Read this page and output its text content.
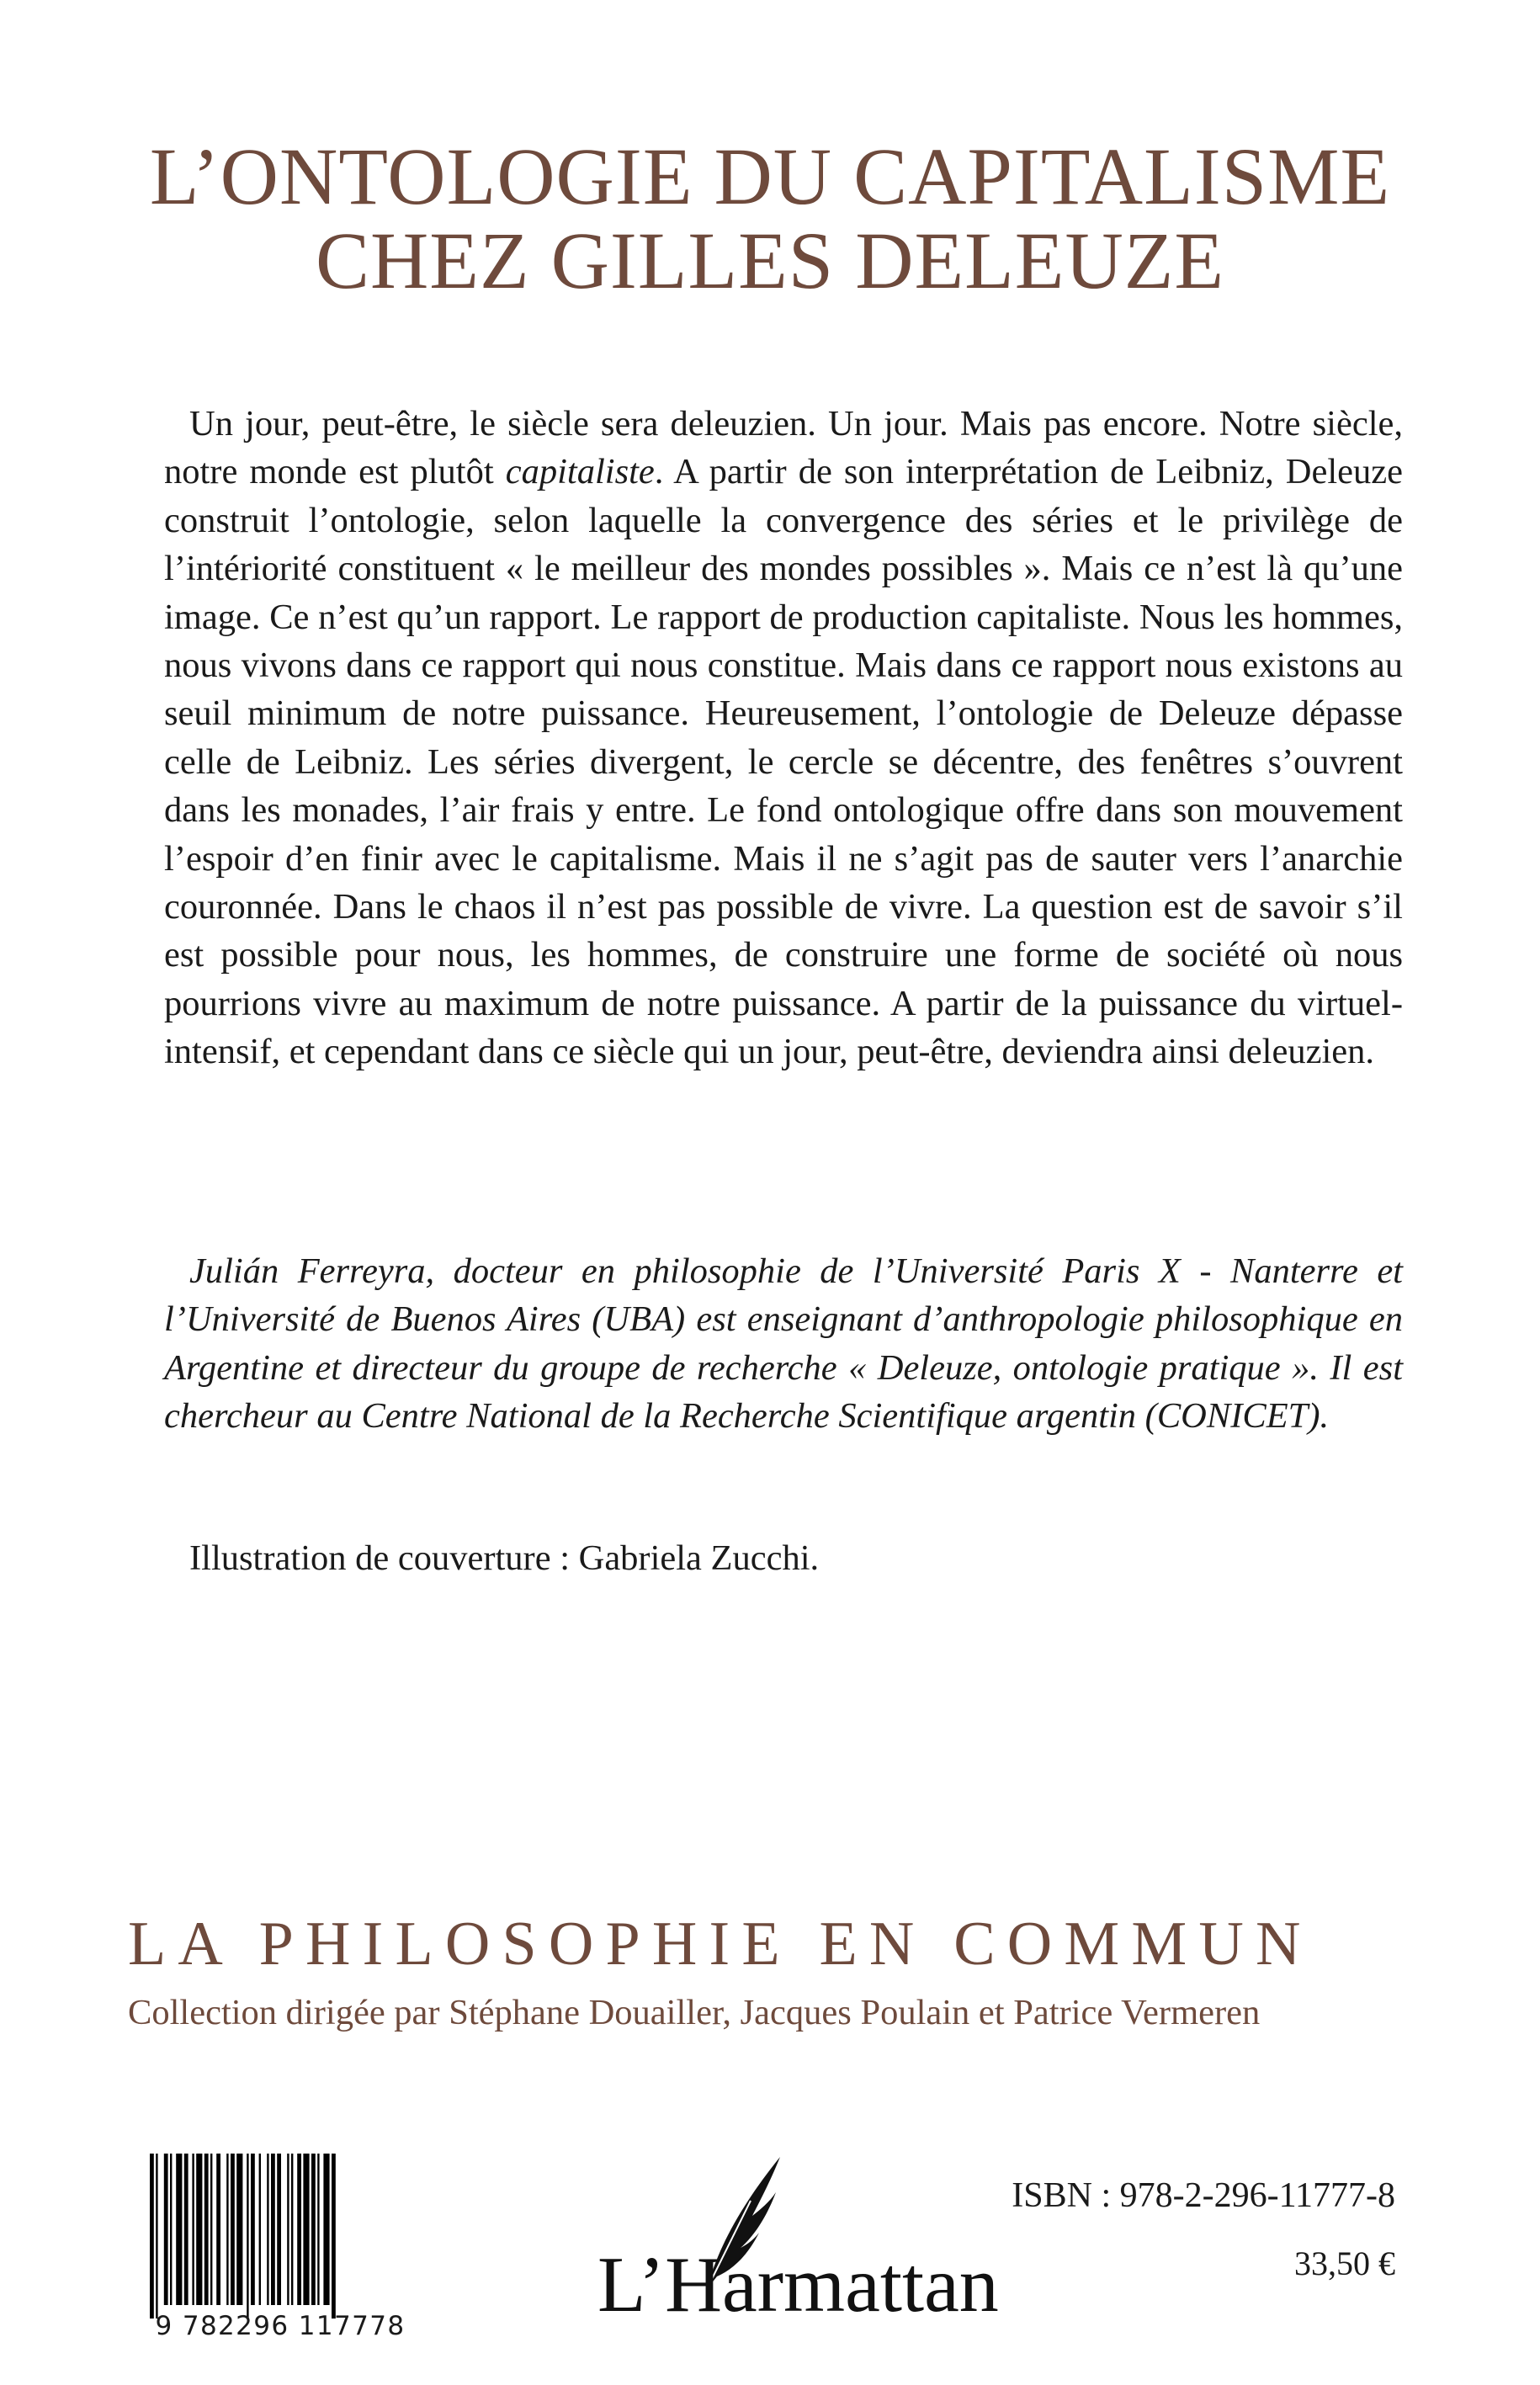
L’ONTOLOGIE DU CAPITALISME
CHEZ GILLES DELEUZE
Un jour, peut-être, le siècle sera deleuzien. Un jour. Mais pas encore. Notre siècle, notre monde est plutôt capitaliste. A partir de son interprétation de Leibniz, Deleuze construit l’ontologie, selon laquelle la convergence des séries et le privilège de l’intériorité constituent « le meilleur des mondes possibles ». Mais ce n’est là qu’une image. Ce n’est qu’un rapport. Le rapport de production capitaliste. Nous les hommes, nous vivons dans ce rapport qui nous constitue. Mais dans ce rapport nous existons au seuil minimum de notre puissance. Heureusement, l’ontologie de Deleuze dépasse celle de Leibniz. Les séries divergent, le cercle se décentre, des fenêtres s’ouvrent dans les monades, l’air frais y entre. Le fond ontologique offre dans son mouvement l’espoir d’en finir avec le capitalisme. Mais il ne s’agit pas de sauter vers l’anarchie couronnée. Dans le chaos il n’est pas possible de vivre. La question est de savoir s’il est possible pour nous, les hommes, de construire une forme de société où nous pourrions vivre au maximum de notre puissance. A partir de la puissance du virtuel-intensif, et cependant dans ce siècle qui un jour, peut-être, deviendra ainsi deleuzien.
Julián Ferreyra, docteur en philosophie de l’Université Paris X - Nanterre et l’Université de Buenos Aires (UBA) est enseignant d’anthropologie philosophique en Argentine et directeur du groupe de recherche « Deleuze, ontologie pratique ». Il est chercheur au Centre National de la Recherche Scientifique argentin (CONICET).
Illustration de couverture : Gabriela Zucchi.
LA PHILOSOPHIE EN COMMUN
Collection dirigée par Stéphane Douailler, Jacques Poulain et Patrice Vermeren
9 782296 117778 L’Harmattan
ISBN : 978-2-296-11777-8
33,50 €
